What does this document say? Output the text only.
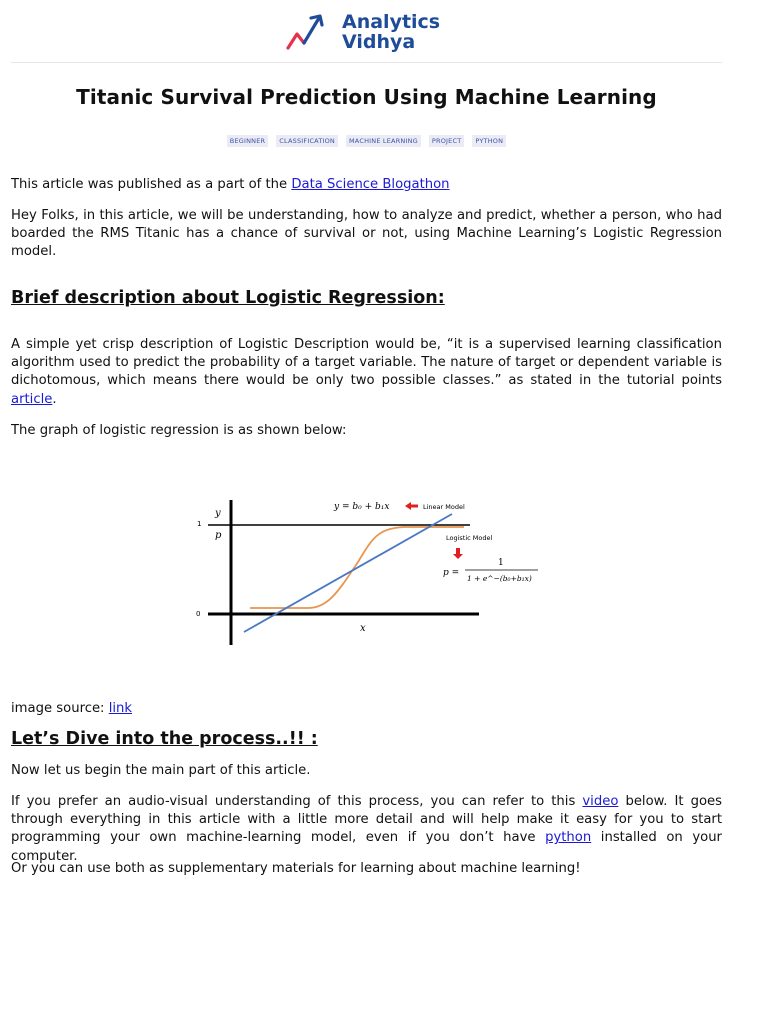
Analytics
Vidhya
Titanic Survival Prediction Using Machine Learning
BEGINNER	CLASSIFICATION	MACHINE LEARNING	PROJECT	PYTHON
This article was published as a part of the Data Science Blogathon
Hey Folks, in this article, we will be understanding, how to analyze and predict, whether a person, who had boarded the RMS Titanic has a chance of survival or not, using Machine Learning’s Logistic Regression model.
Brief description about Logistic Regression:
A simple yet crisp description of Logistic Description would be, “it is a supervised learning classification algorithm used to predict the probability of a target variable. The nature of target or dependent variable is dichotomous, which means there would be only two possible classes.” as stated in the tutorial points article.
The graph of logistic regression is as shown below:
1
0
y
p
x
y = b₀ + b₁x	Linear Model
Logistic Model
p =
1
1 + e^−(b₀+b₁x)
image source: link
Let’s Dive into the process..!! :
Now let us begin the main part of this article.
If you prefer an audio-visual understanding of this process, you can refer to this video below. It goes through everything in this article with a little more detail and will help make it easy for you to start programming your own machine-learning model, even if you don’t have python installed on your computer.
Or you can use both as supplementary materials for learning about machine learning!
